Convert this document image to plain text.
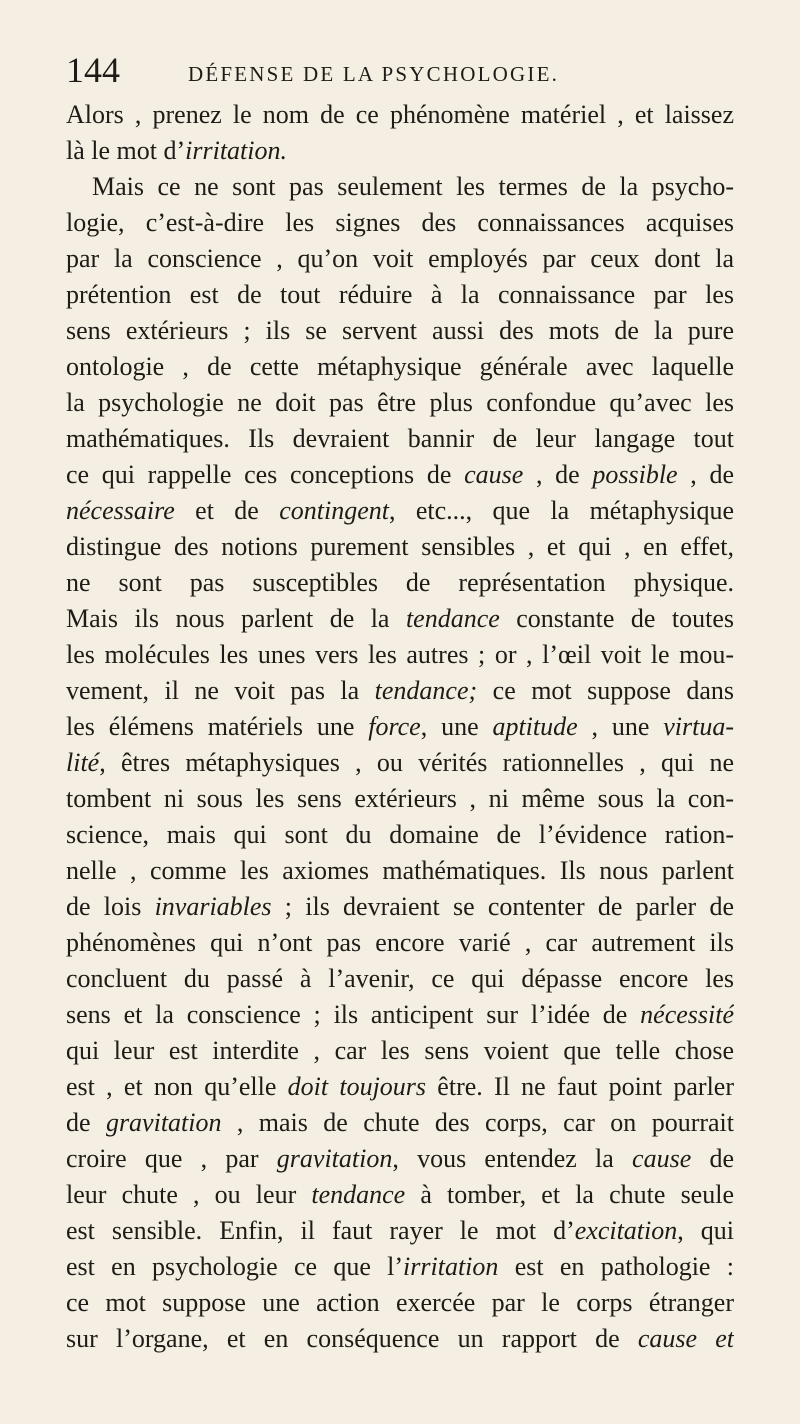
144	DÉFENSE DE LA PSYCHOLOGIE.
Alors , prenez le nom de ce phénomène matériel , et laissez
là le mot d’irritation.
Mais ce ne sont pas seulement les termes de la psycho-
logie, c’est-à-dire les signes des connaissances acquises
par la conscience , qu’on voit employés par ceux dont la
prétention est de tout réduire à la connaissance par les
sens extérieurs ; ils se servent aussi des mots de la pure
ontologie , de cette métaphysique générale avec laquelle
la psychologie ne doit pas être plus confondue qu’avec les
mathématiques. Ils devraient bannir de leur langage tout
ce qui rappelle ces conceptions de cause , de possible , de
nécessaire et de contingent, etc..., que la métaphysique
distingue des notions purement sensibles , et qui , en effet,
ne sont pas susceptibles de représentation physique.
Mais ils nous parlent de la tendance constante de toutes
les molécules les unes vers les autres ; or , l’œil voit le mou-
vement, il ne voit pas la tendance; ce mot suppose dans
les élémens matériels une force, une aptitude , une virtua-
lité, êtres métaphysiques , ou vérités rationnelles , qui ne
tombent ni sous les sens extérieurs , ni même sous la con-
science, mais qui sont du domaine de l’évidence ration-
nelle , comme les axiomes mathématiques. Ils nous parlent
de lois invariables ; ils devraient se contenter de parler de
phénomènes qui n’ont pas encore varié , car autrement ils
concluent du passé à l’avenir, ce qui dépasse encore les
sens et la conscience ; ils anticipent sur l’idée de nécessité
qui leur est interdite , car les sens voient que telle chose
est , et non qu’elle doit toujours être. Il ne faut point parler
de gravitation , mais de chute des corps, car on pourrait
croire que , par gravitation, vous entendez la cause de
leur chute , ou leur tendance à tomber, et la chute seule
est sensible. Enfin, il faut rayer le mot d’excitation, qui
est en psychologie ce que l’irritation est en pathologie :
ce mot suppose une action exercée par le corps étranger
sur l’organe, et en conséquence un rapport de cause et
